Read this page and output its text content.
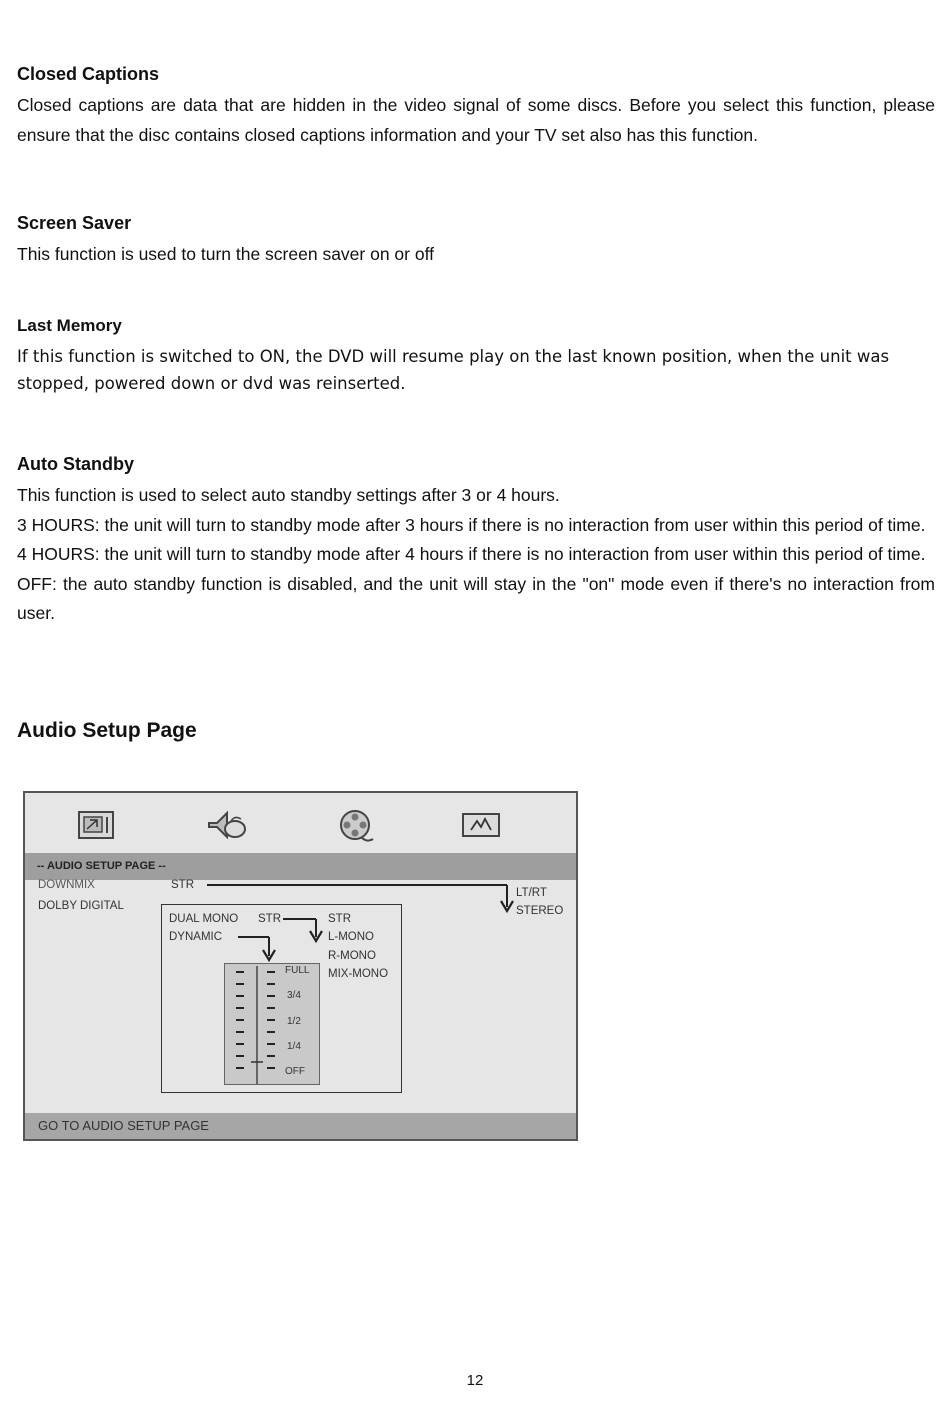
Closed Captions

Closed captions are data that are hidden in the video signal of some discs. Before you select this function, please ensure that the disc contains closed captions information and your TV set also has this function.

Screen Saver

This function is used to turn the screen saver on or off

Last Memory

If this function is switched to ON, the DVD will resume play on the last known position, when the unit was stopped, powered down or dvd was reinserted.

Auto Standby

This function is used to select auto standby settings after 3 or 4 hours.

3 HOURS: the unit will turn to standby mode after 3 hours if there is no interaction from user within this period of time.

4 HOURS: the unit will turn to standby mode after 4 hours if there is no interaction from user within this period of time.

OFF: the auto standby function is disabled, and the unit will stay in the "on" mode even if there's no interaction from user.

Audio Setup Page
-- AUDIO SETUP PAGE --
DOWNMIX
DOLBY DIGITAL
STR
LT/RT
STEREO
DUAL MONO STR
DYNAMIC
STR
L-MONO
R-MONO
MIX-MONO
FULL
3/4
1/2
1/4
OFF
GO TO AUDIO SETUP PAGE
12
